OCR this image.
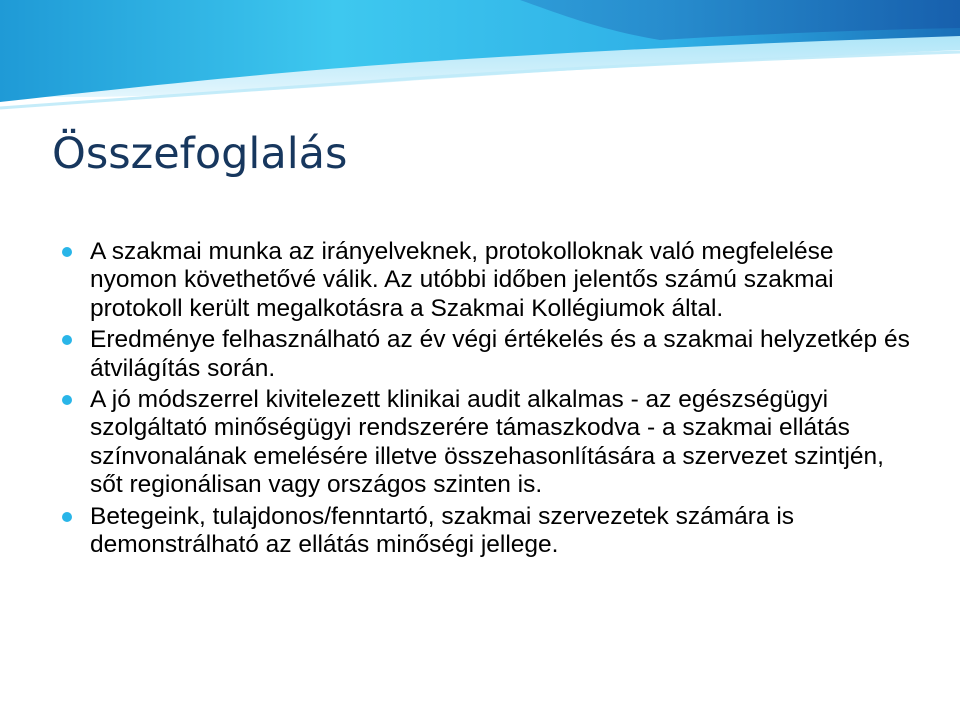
Összefoglalás
A szakmai munka az irányelveknek, protokolloknak való megfelelése nyomon követhetővé válik. Az utóbbi időben jelentős számú szakmai protokoll került megalkotásra a Szakmai Kollégiumok által.
Eredménye felhasználható az év végi értékelés és a szakmai helyzetkép és átvilágítás során.
A jó módszerrel kivitelezett klinikai audit alkalmas - az egészségügyi szolgáltató minőségügyi rendszerére támaszkodva - a szakmai ellátás színvonalának emelésére illetve összehasonlítására a szervezet szintjén, sőt regionálisan vagy országos szinten is.
Betegeink, tulajdonos/fenntartó, szakmai szervezetek számára is demonstrálható az ellátás minőségi jellege.
